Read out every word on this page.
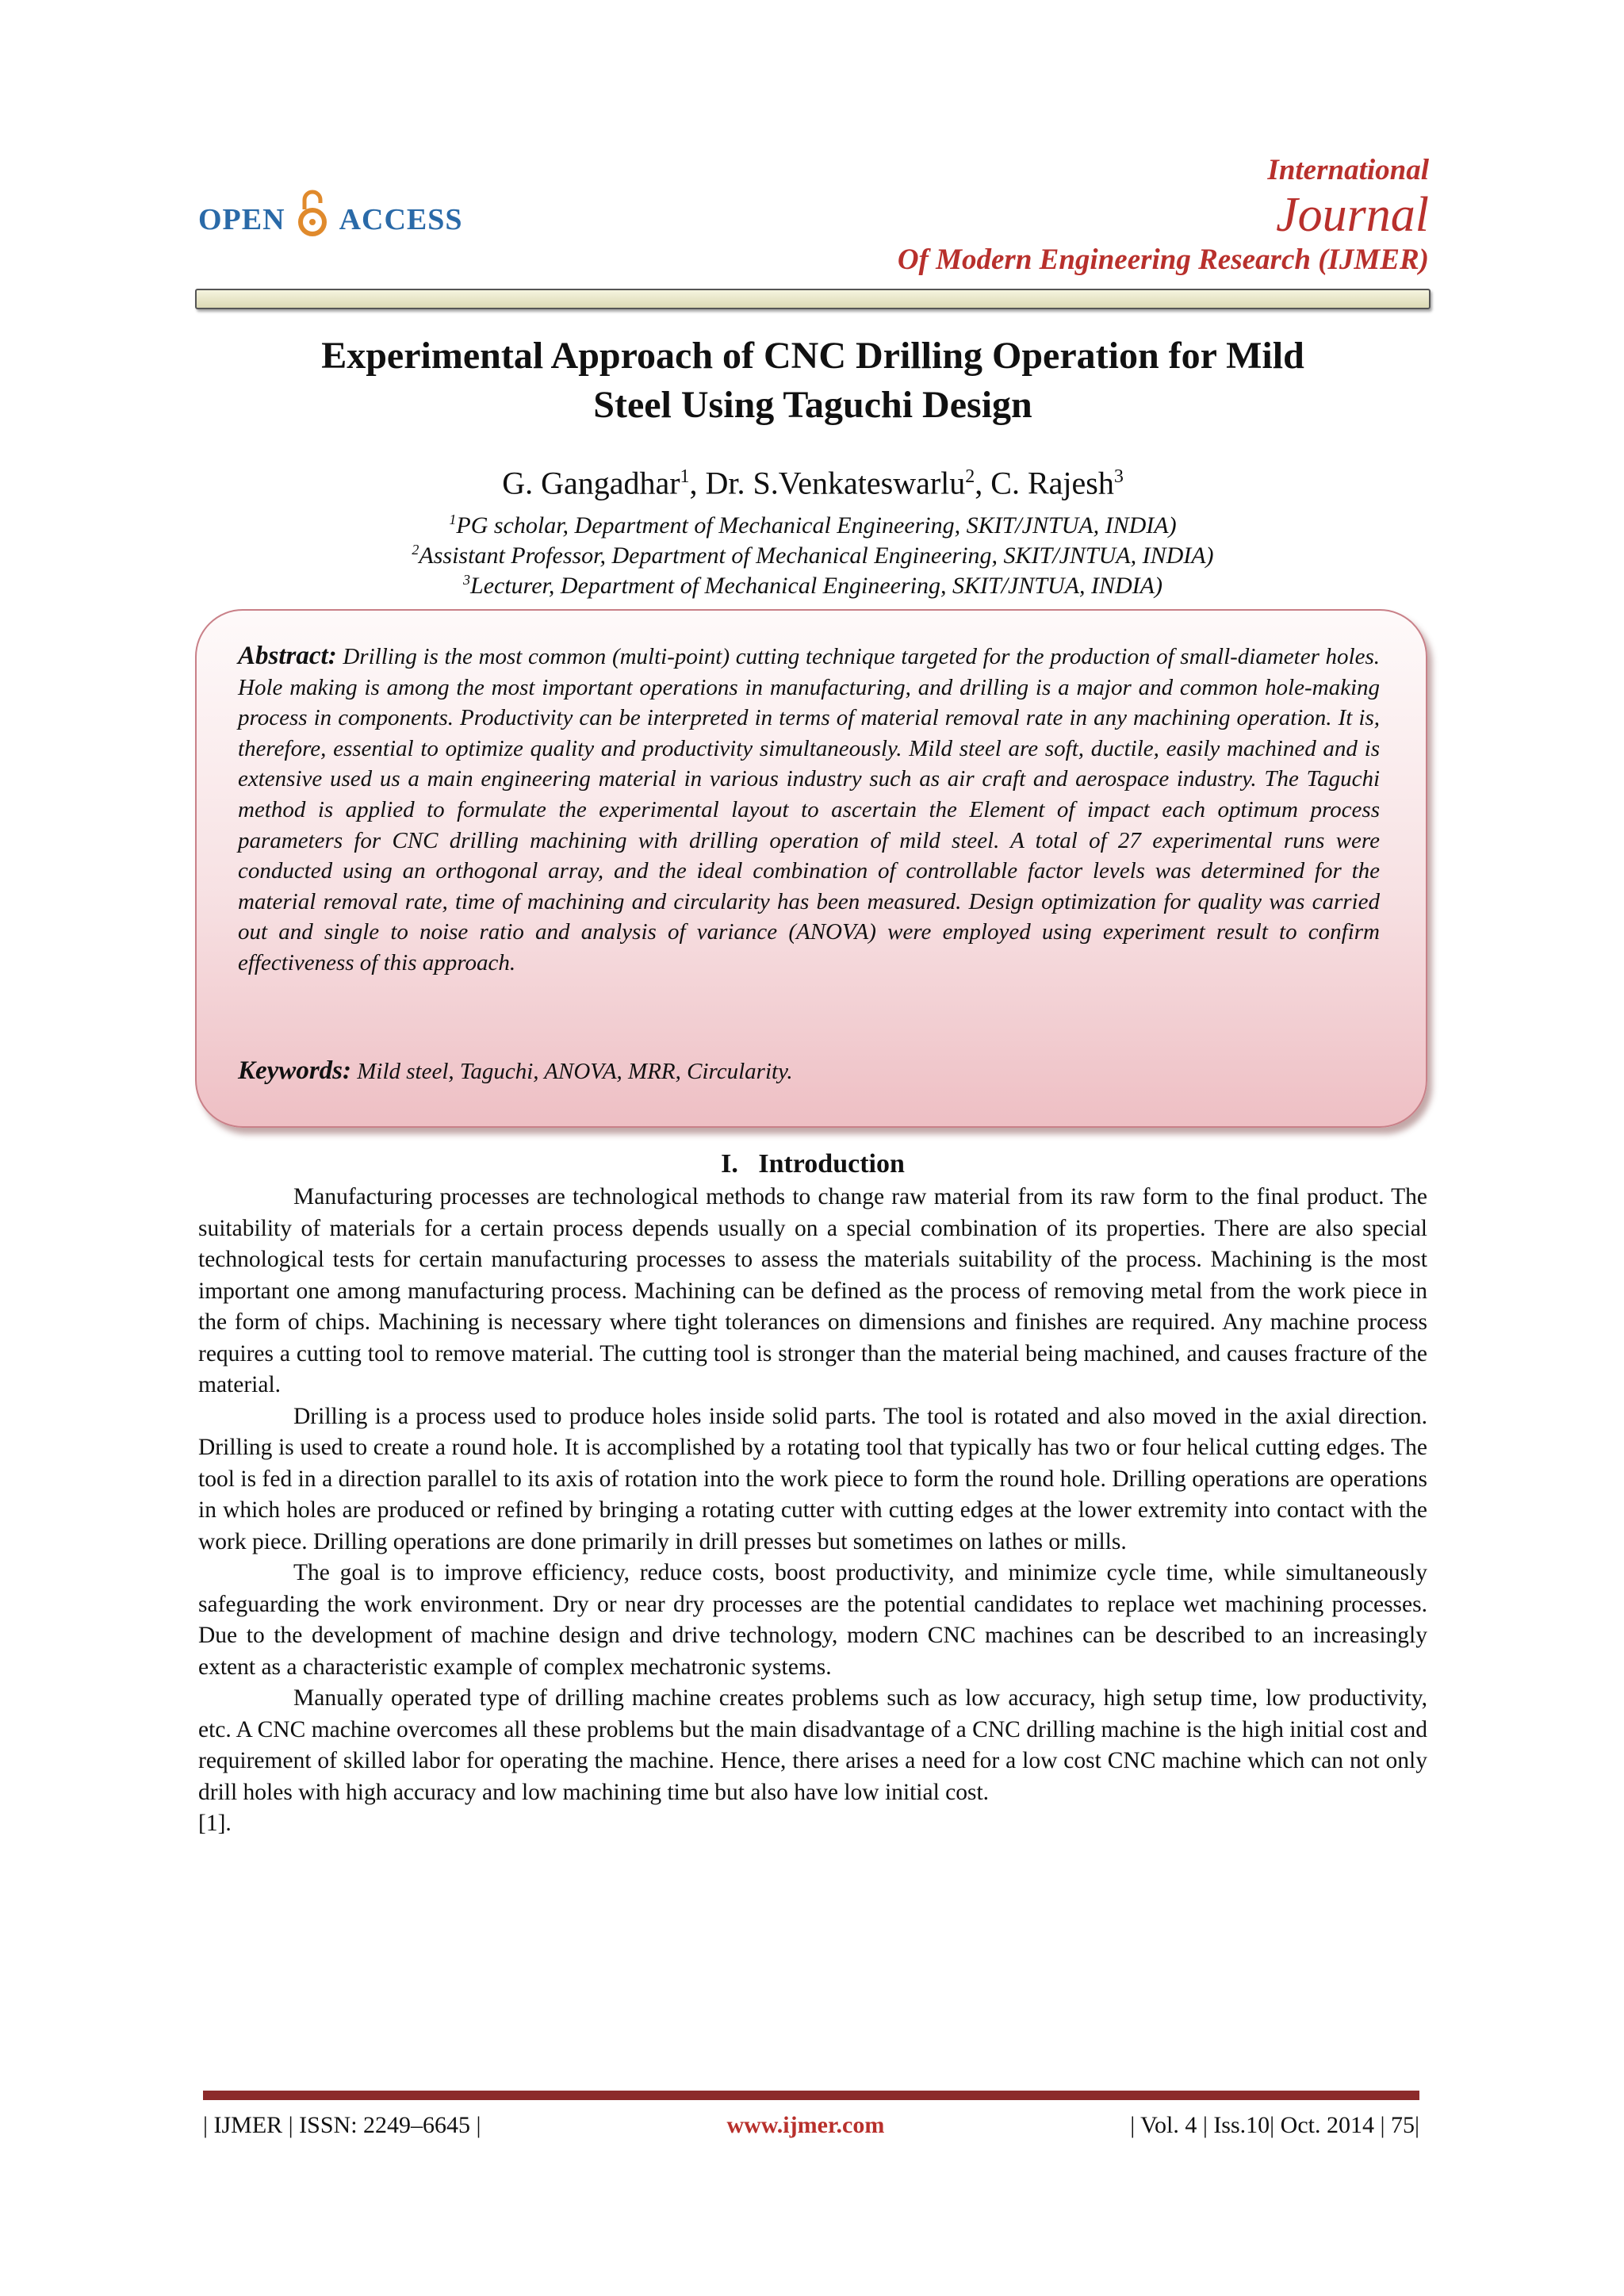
OPEN ACCESS
International
Journal
Of Modern Engineering Research (IJMER)
Experimental Approach of CNC Drilling Operation for Mild
Steel Using Taguchi Design
G. Gangadhar$^1$, Dr. S.Venkateswarlu$^2$, C. Rajesh$^3$
$^1$PG scholar, Department of Mechanical Engineering, SKIT/JNTUA, INDIA)
$^2$Assistant Professor, Department of Mechanical Engineering, SKIT/JNTUA, INDIA)
$^3$Lecturer, Department of Mechanical Engineering, SKIT/JNTUA, INDIA)
Abstract: Drilling is the most common (multi-point) cutting technique targeted for the production of small-diameter holes. Hole making is among the most important operations in manufacturing, and drilling is a major and common hole-making process in components. Productivity can be interpreted in terms of material removal rate in any machining operation. It is, therefore, essential to optimize quality and productivity simultaneously. Mild steel are soft, ductile, easily machined and is extensive used us a main engineering material in various industry such as air craft and aerospace industry. The Taguchi method is applied to formulate the experimental layout to ascertain the Element of impact each optimum process parameters for CNC drilling machining with drilling operation of mild steel. A total of 27 experimental runs were conducted using an orthogonal array, and the ideal combination of controllable factor levels was determined for the material removal rate, time of machining and circularity has been measured. Design optimization for quality was carried out and single to noise ratio and analysis of variance (ANOVA) were employed using experiment result to confirm effectiveness of this approach.
Keywords: Mild steel, Taguchi, ANOVA, MRR, Circularity.
I.   Introduction

Manufacturing processes are technological methods to change raw material from its raw form to the final product. The suitability of materials for a certain process depends usually on a special combination of its properties. There are also special technological tests for certain manufacturing processes to assess the materials suitability of the process. Machining is the most important one among manufacturing process. Machining can be defined as the process of removing metal from the work piece in the form of chips. Machining is necessary where tight tolerances on dimensions and finishes are required. Any machine process requires a cutting tool to remove material. The cutting tool is stronger than the material being machined, and causes fracture of the material.

Drilling is a process used to produce holes inside solid parts. The tool is rotated and also moved in the axial direction. Drilling is used to create a round hole. It is accomplished by a rotating tool that typically has two or four helical cutting edges. The tool is fed in a direction parallel to its axis of rotation into the work piece to form the round hole. Drilling operations are operations in which holes are produced or refined by bringing a rotating cutter with cutting edges at the lower extremity into contact with the work piece. Drilling operations are done primarily in drill presses but sometimes on lathes or mills.

The goal is to improve efficiency, reduce costs, boost productivity, and minimize cycle time, while simultaneously safeguarding the work environment. Dry or near dry processes are the potential candidates to replace wet machining processes. Due to the development of machine design and drive technology, modern CNC machines can be described to an increasingly extent as a characteristic example of complex mechatronic systems.

Manually operated type of drilling machine creates problems such as low accuracy, high setup time, low productivity, etc. A CNC machine overcomes all these problems but the main disadvantage of a CNC drilling machine is the high initial cost and requirement of skilled labor for operating the machine. Hence, there arises a need for a low cost CNC machine which can not only drill holes with high accuracy and low machining time but also have low initial cost.

[1].

| IJMER | ISSN: 2249–6645 |	www.ijmer.com	| Vol. 4 | Iss.10| Oct. 2014 | 75|
